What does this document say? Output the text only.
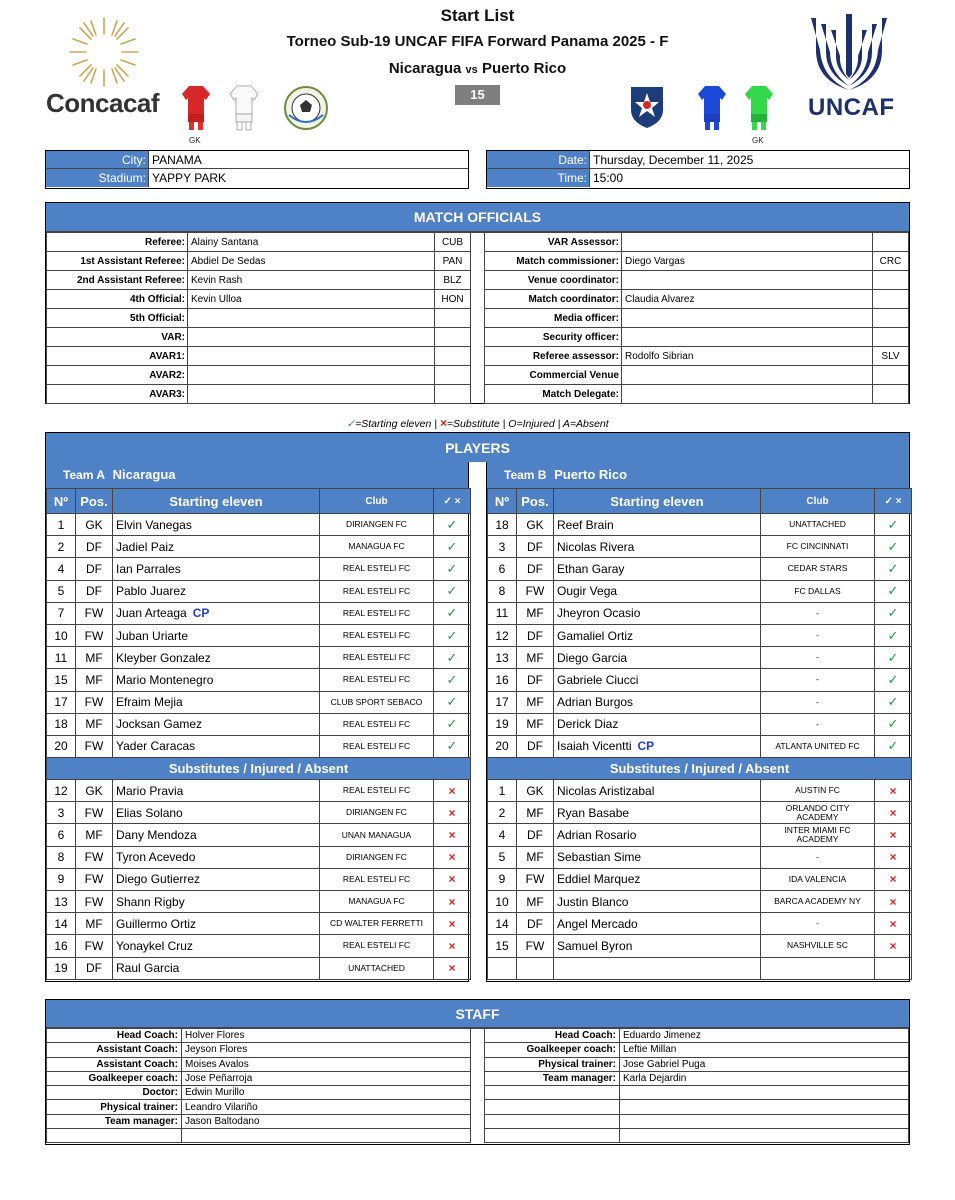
Start List
Torneo Sub-19 UNCAF FIFA Forward Panama 2025 - F
Nicaragua vs Puerto Rico
15
Concacaf
GK	GK
UNCAF
City: PANAMA
Stadium: YAPPY PARK
Date: Thursday, December 11, 2025
Time: 15:00
MATCH OFFICIALS
Referee:	Alainy Santana	CUB
1st Assistant Referee:	Abdiel De Sedas	PAN
2nd Assistant Referee:	Kevin Rash	BLZ
4th Official:	Kevin Ulloa	HON
5th Official:		
VAR:		
AVAR1:		
AVAR2:		
AVAR3:		
VAR Assessor:		
Match commissioner:	Diego Vargas	CRC
Venue coordinator:		
Match coordinator:	Claudia Alvarez	
Media officer:		
Security officer:		
Referee assessor:	Rodolfo Sibrian	SLV
Commercial Venue		
Match Delegate:		
✓=Starting eleven | ×=Substitute | O=Injured | A=Absent
PLAYERS
Team A Nicaragua
Nº	Pos.	Starting eleven	Club	✓ ×
1	GK	Elvin Vanegas	DIRIANGEN FC	✓
2	DF	Jadiel Paiz	MANAGUA FC	✓
4	DF	Ian Parrales	REAL ESTELI FC	✓
5	DF	Pablo Juarez	REAL ESTELI FC	✓
7	FW	Juan Arteaga CP	REAL ESTELI FC	✓
10	FW	Juban Uriarte	REAL ESTELI FC	✓
11	MF	Kleyber Gonzalez	REAL ESTELI FC	✓
15	MF	Mario Montenegro	REAL ESTELI FC	✓
17	FW	Efraim Mejia	CLUB SPORT SEBACO	✓
18	MF	Jocksan Gamez	REAL ESTELI FC	✓
20	FW	Yader Caracas	REAL ESTELI FC	✓
Substitutes / Injured / Absent				
12	GK	Mario Pravia	REAL ESTELI FC	×
3	FW	Elias Solano	DIRIANGEN FC	×
6	MF	Dany Mendoza	UNAN MANAGUA	×
8	FW	Tyron Acevedo	DIRIANGEN FC	×
9	FW	Diego Gutierrez	REAL ESTELI FC	×
13	FW	Shann Rigby	MANAGUA FC	×
14	MF	Guillermo Ortiz	CD WALTER FERRETTI	×
16	FW	Yonaykel Cruz	REAL ESTELI FC	×
19	DF	Raul Garcia	UNATTACHED	×
Team B Puerto Rico
Nº	Pos.	Starting eleven	Club	✓ ×
18	GK	Reef Brain	UNATTACHED	✓
3	DF	Nicolas Rivera	FC CINCINNATI	✓
6	DF	Ethan Garay	CEDAR STARS	✓
8	FW	Ougir Vega	FC DALLAS	✓
11	MF	Jheyron Ocasio	-	✓
12	DF	Gamaliel Ortiz	-	✓
13	MF	Diego Garcia	-	✓
16	DF	Gabriele Ciucci	-	✓
17	MF	Adrian Burgos	-	✓
19	MF	Derick Diaz	-	✓
20	DF	Isaiah Vicentti CP	ATLANTA UNITED FC	✓
Substitutes / Injured / Absent				
1	GK	Nicolas Aristizabal	AUSTIN FC	×
2	MF	Ryan Basabe	ORLANDO CITY ACADEMY	×
4	DF	Adrian Rosario	INTER MIAMI FC ACADEMY	×
5	MF	Sebastian Sime	-	×
9	FW	Eddiel Marquez	IDA VALENCIA	×
10	MF	Justin Blanco	BARCA ACADEMY NY	×
14	DF	Angel Mercado	-	×
15	FW	Samuel Byron	NASHVILLE SC	×

STAFF
Head Coach:	Holver Flores
Assistant Coach:	Jeyson Flores
Assistant Coach:	Moises Avalos
Goalkeeper coach:	Jose Peñarroja
Doctor:	Edwin Murillo
Physical trainer:	Leandro Vilariño
Team manager:	Jason Baltodano

Head Coach:	Eduardo Jimenez
Goalkeeper coach:	Leftie Millan
Physical trainer:	Jose Gabriel Puga
Team manager:	Karla Dejardin
